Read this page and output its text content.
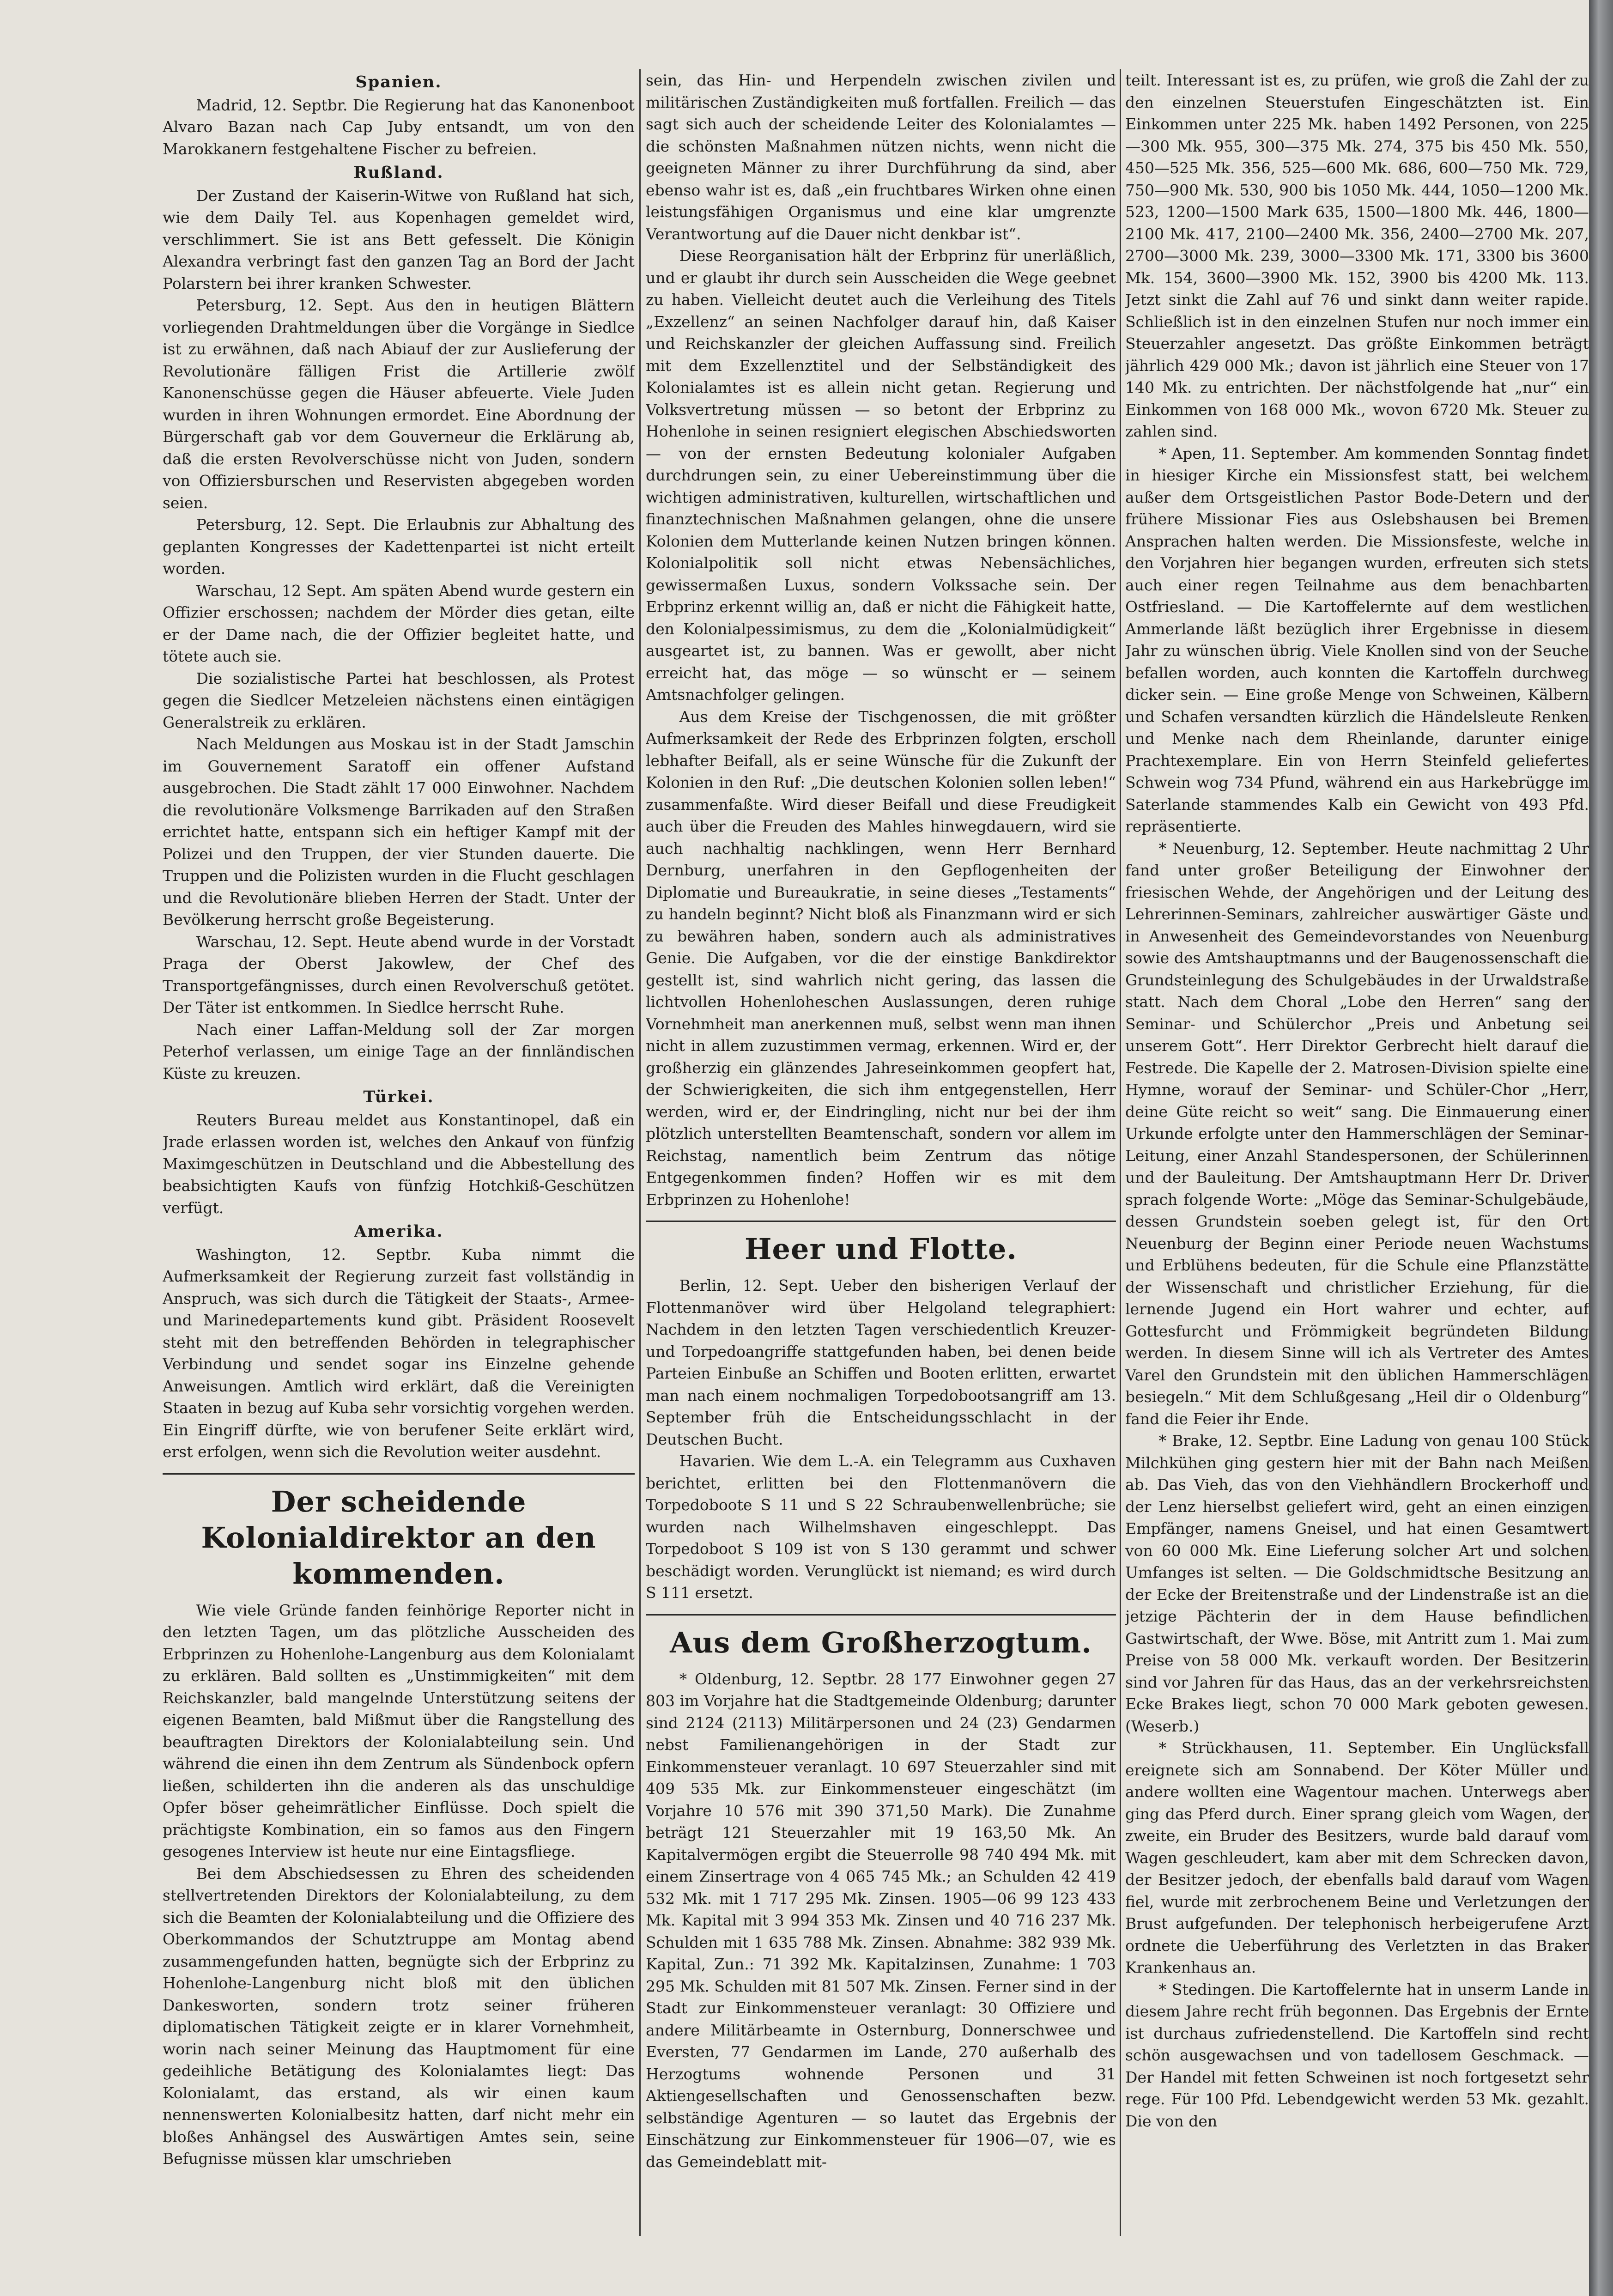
Spanien.

Madrid, 12. Septbr. Die Regierung hat das Kanonenboot Alvaro Bazan nach Cap Juby entsandt, um von den Marokkanern festgehaltene Fischer zu befreien.

Rußland.

Der Zustand der Kaiserin-Witwe von Rußland hat sich, wie dem Daily Tel. aus Kopenhagen gemeldet wird, verschlimmert. Sie ist ans Bett gefesselt. Die Königin Alexandra verbringt fast den ganzen Tag an Bord der Jacht Polarstern bei ihrer kranken Schwester.

Petersburg, 12. Sept. Aus den in heutigen Blättern vorliegenden Drahtmeldungen über die Vorgänge in Siedlce ist zu erwähnen, daß nach Abiauf der zur Auslieferung der Revolutionäre fälligen Frist die Artillerie zwölf Kanonenschüsse gegen die Häuser abfeuerte. Viele Juden wurden in ihren Wohnungen ermordet. Eine Abordnung der Bürgerschaft gab vor dem Gouverneur die Erklärung ab, daß die ersten Revolverschüsse nicht von Juden, sondern von Offiziersburschen und Reservisten abgegeben worden seien.

Petersburg, 12. Sept. Die Erlaubnis zur Abhaltung des geplanten Kongresses der Kadettenpartei ist nicht erteilt worden.

Warschau, 12 Sept. Am späten Abend wurde gestern ein Offizier erschossen; nachdem der Mörder dies getan, eilte er der Dame nach, die der Offizier begleitet hatte, und tötete auch sie.

Die sozialistische Partei hat beschlossen, als Protest gegen die Siedlcer Metzeleien nächstens einen eintägigen Generalstreik zu erklären.

Nach Meldungen aus Moskau ist in der Stadt Jamschin im Gouvernement Saratoff ein offener Aufstand ausgebrochen. Die Stadt zählt 17 000 Einwohner. Nachdem die revolutionäre Volksmenge Barrikaden auf den Straßen errichtet hatte, entspann sich ein heftiger Kampf mit der Polizei und den Truppen, der vier Stunden dauerte. Die Truppen und die Polizisten wurden in die Flucht geschlagen und die Revolutionäre blieben Herren der Stadt. Unter der Bevölkerung herrscht große Begeisterung.

Warschau, 12. Sept. Heute abend wurde in der Vorstadt Praga der Oberst Jakowlew, der Chef des Transportgefängnisses, durch einen Revolverschuß getötet. Der Täter ist entkommen. In Siedlce herrscht Ruhe.

Nach einer Laffan-Meldung soll der Zar morgen Peterhof verlassen, um einige Tage an der finnländischen Küste zu kreuzen.

Türkei.

Reuters Bureau meldet aus Konstantinopel, daß ein Jrade erlassen worden ist, welches den Ankauf von fünfzig Maximgeschützen in Deutschland und die Abbestellung des beabsichtigten Kaufs von fünfzig Hotchkiß-Geschützen verfügt.

Amerika.

Washington, 12. Septbr. Kuba nimmt die Aufmerksamkeit der Regierung zurzeit fast vollständig in Anspruch, was sich durch die Tätigkeit der Staats-, Armee- und Marinedepartements kund gibt. Präsident Roosevelt steht mit den betreffenden Behörden in telegraphischer Verbindung und sendet sogar ins Einzelne gehende Anweisungen. Amtlich wird erklärt, daß die Vereinigten Staaten in bezug auf Kuba sehr vorsichtig vorgehen werden. Ein Eingriff dürfte, wie von berufener Seite erklärt wird, erst erfolgen, wenn sich die Revolution weiter ausdehnt.

Der scheidende Kolonialdirektor an den kommenden.

Wie viele Gründe fanden feinhörige Reporter nicht in den letzten Tagen, um das plötzliche Ausscheiden des Erbprinzen zu Hohenlohe-Langenburg aus dem Kolonialamt zu erklären. Bald sollten es „Unstimmigkeiten“ mit dem Reichskanzler, bald mangelnde Unterstützung seitens der eigenen Beamten, bald Mißmut über die Rangstellung des beauftragten Direktors der Kolonialabteilung sein. Und während die einen ihn dem Zentrum als Sündenbock opfern ließen, schilderten ihn die anderen als das unschuldige Opfer böser geheimrätlicher Einflüsse. Doch spielt die prächtigste Kombination, ein so famos aus den Fingern gesogenes Interview ist heute nur eine Eintagsfliege.

Bei dem Abschiedsessen zu Ehren des scheidenden stellvertretenden Direktors der Kolonialabteilung, zu dem sich die Beamten der Kolonialabteilung und die Offiziere des Oberkommandos der Schutztruppe am Montag abend zusammengefunden hatten, begnügte sich der Erbprinz zu Hohenlohe-Langenburg nicht bloß mit den üblichen Dankesworten, sondern trotz seiner früheren diplomatischen Tätigkeit zeigte er in klarer Vornehmheit, worin nach seiner Meinung das Hauptmoment für eine gedeihliche Betätigung des Kolonialamtes liegt: Das Kolonialamt, das erstand, als wir einen kaum nennenswerten Kolonialbesitz hatten, darf nicht mehr ein bloßes Anhängsel des Auswärtigen Amtes sein, seine Befugnisse müssen klar umschrieben

sein, das Hin- und Herpendeln zwischen zivilen und militärischen Zuständigkeiten muß fortfallen. Freilich — das sagt sich auch der scheidende Leiter des Kolonialamtes — die schönsten Maßnahmen nützen nichts, wenn nicht die geeigneten Männer zu ihrer Durchführung da sind, aber ebenso wahr ist es, daß „ein fruchtbares Wirken ohne einen leistungsfähigen Organismus und eine klar umgrenzte Verantwortung auf die Dauer nicht denkbar ist“.

Diese Reorganisation hält der Erbprinz für unerläßlich, und er glaubt ihr durch sein Ausscheiden die Wege geebnet zu haben. Vielleicht deutet auch die Verleihung des Titels „Exzellenz“ an seinen Nachfolger darauf hin, daß Kaiser und Reichskanzler der gleichen Auffassung sind. Freilich mit dem Exzellenztitel und der Selbständigkeit des Kolonialamtes ist es allein nicht getan. Regierung und Volksvertretung müssen — so betont der Erbprinz zu Hohenlohe in seinen resigniert elegischen Abschiedsworten — von der ernsten Bedeutung kolonialer Aufgaben durchdrungen sein, zu einer Uebereinstimmung über die wichtigen administrativen, kulturellen, wirtschaftlichen und finanztechnischen Maßnahmen gelangen, ohne die unsere Kolonien dem Mutterlande keinen Nutzen bringen können. Kolonialpolitik soll nicht etwas Nebensächliches, gewissermaßen Luxus, sondern Volkssache sein. Der Erbprinz erkennt willig an, daß er nicht die Fähigkeit hatte, den Kolonialpessimismus, zu dem die „Kolonialmüdigkeit“ ausgeartet ist, zu bannen. Was er gewollt, aber nicht erreicht hat, das möge — so wünscht er — seinem Amtsnachfolger gelingen.

Aus dem Kreise der Tischgenossen, die mit größter Aufmerksamkeit der Rede des Erbprinzen folgten, erscholl lebhafter Beifall, als er seine Wünsche für die Zukunft der Kolonien in den Ruf: „Die deutschen Kolonien sollen leben!“ zusammenfaßte. Wird dieser Beifall und diese Freudigkeit auch über die Freuden des Mahles hinwegdauern, wird sie auch nachhaltig nachklingen, wenn Herr Bernhard Dernburg, unerfahren in den Gepflogenheiten der Diplomatie und Bureaukratie, in seine dieses „Testaments“ zu handeln beginnt? Nicht bloß als Finanzmann wird er sich zu bewähren haben, sondern auch als administratives Genie. Die Aufgaben, vor die der einstige Bankdirektor gestellt ist, sind wahrlich nicht gering, das lassen die lichtvollen Hohenloheschen Auslassungen, deren ruhige Vornehmheit man anerkennen muß, selbst wenn man ihnen nicht in allem zuzustimmen vermag, erkennen. Wird er, der großherzig ein glänzendes Jahreseinkommen geopfert hat, der Schwierigkeiten, die sich ihm entgegenstellen, Herr werden, wird er, der Eindringling, nicht nur bei der ihm plötzlich unterstellten Beamtenschaft, sondern vor allem im Reichstag, namentlich beim Zentrum das nötige Entgegenkommen finden? Hoffen wir es mit dem Erbprinzen zu Hohenlohe!

Heer und Flotte.

Berlin, 12. Sept. Ueber den bisherigen Verlauf der Flottenmanöver wird über Helgoland telegraphiert: Nachdem in den letzten Tagen verschiedentlich Kreuzer- und Torpedoangriffe stattgefunden haben, bei denen beide Parteien Einbuße an Schiffen und Booten erlitten, erwartet man nach einem nochmaligen Torpedobootsangriff am 13. September früh die Entscheidungsschlacht in der Deutschen Bucht.

Havarien. Wie dem L.-A. ein Telegramm aus Cuxhaven berichtet, erlitten bei den Flottenmanövern die Torpedoboote S 11 und S 22 Schraubenwellenbrüche; sie wurden nach Wilhelmshaven eingeschleppt. Das Torpedoboot S 109 ist von S 130 gerammt und schwer beschädigt worden. Verunglückt ist niemand; es wird durch S 111 ersetzt.

Aus dem Großherzogtum.

* Oldenburg, 12. Septbr. 28 177 Einwohner gegen 27 803 im Vorjahre hat die Stadtgemeinde Oldenburg; darunter sind 2124 (2113) Militärpersonen und 24 (23) Gendarmen nebst Familienangehörigen in der Stadt zur Einkommensteuer veranlagt. 10 697 Steuerzahler sind mit 409 535 Mk. zur Einkommensteuer eingeschätzt (im Vorjahre 10 576 mit 390 371,50 Mark). Die Zunahme beträgt 121 Steuerzahler mit 19 163,50 Mk. An Kapitalvermögen ergibt die Steuerrolle 98 740 494 Mk. mit einem Zinsertrage von 4 065 745 Mk.; an Schulden 42 419 532 Mk. mit 1 717 295 Mk. Zinsen. 1905—06 99 123 433 Mk. Kapital mit 3 994 353 Mk. Zinsen und 40 716 237 Mk. Schulden mit 1 635 788 Mk. Zinsen. Abnahme: 382 939 Mk. Kapital, Zun.: 71 392 Mk. Kapitalzinsen, Zunahme: 1 703 295 Mk. Schulden mit 81 507 Mk. Zinsen. Ferner sind in der Stadt zur Einkommensteuer veranlagt: 30 Offiziere und andere Militärbeamte in Osternburg, Donnerschwee und Eversten, 77 Gendarmen im Lande, 270 außerhalb des Herzogtums wohnende Personen und 31 Aktiengesellschaften und Genossenschaften bezw. selbständige Agenturen — so lautet das Ergebnis der Einschätzung zur Einkommensteuer für 1906—07, wie es das Gemeindeblatt mit-

teilt. Interessant ist es, zu prüfen, wie groß die Zahl der zu den einzelnen Steuerstufen Eingeschätzten ist. Ein Einkommen unter 225 Mk. haben 1492 Personen, von 225—300 Mk. 955, 300—375 Mk. 274, 375 bis 450 Mk. 550, 450—525 Mk. 356, 525—600 Mk. 686, 600—750 Mk. 729, 750—900 Mk. 530, 900 bis 1050 Mk. 444, 1050—1200 Mk. 523, 1200—1500 Mark 635, 1500—1800 Mk. 446, 1800—2100 Mk. 417, 2100—2400 Mk. 356, 2400—2700 Mk. 207, 2700—3000 Mk. 239, 3000—3300 Mk. 171, 3300 bis 3600 Mk. 154, 3600—3900 Mk. 152, 3900 bis 4200 Mk. 113. Jetzt sinkt die Zahl auf 76 und sinkt dann weiter rapide. Schließlich ist in den einzelnen Stufen nur noch immer ein Steuerzahler angesetzt. Das größte Einkommen beträgt jährlich 429 000 Mk.; davon ist jährlich eine Steuer von 17 140 Mk. zu entrichten. Der nächstfolgende hat „nur“ ein Einkommen von 168 000 Mk., wovon 6720 Mk. Steuer zu zahlen sind.

* Apen, 11. September. Am kommenden Sonntag findet in hiesiger Kirche ein Missionsfest statt, bei welchem außer dem Ortsgeistlichen Pastor Bode-Detern und der frühere Missionar Fies aus Oslebshausen bei Bremen Ansprachen halten werden. Die Missionsfeste, welche in den Vorjahren hier begangen wurden, erfreuten sich stets auch einer regen Teilnahme aus dem benachbarten Ostfriesland. — Die Kartoffelernte auf dem westlichen Ammerlande läßt bezüglich ihrer Ergebnisse in diesem Jahr zu wünschen übrig. Viele Knollen sind von der Seuche befallen worden, auch konnten die Kartoffeln durchweg dicker sein. — Eine große Menge von Schweinen, Kälbern und Schafen versandten kürzlich die Händelsleute Renken und Menke nach dem Rheinlande, darunter einige Prachtexemplare. Ein von Herrn Steinfeld geliefertes Schwein wog 734 Pfund, während ein aus Harkebrügge im Saterlande stammendes Kalb ein Gewicht von 493 Pfd. repräsentierte.

* Neuenburg, 12. September. Heute nachmittag 2 Uhr fand unter großer Beteiligung der Einwohner der friesischen Wehde, der Angehörigen und der Leitung des Lehrerinnen-Seminars, zahlreicher auswärtiger Gäste und in Anwesenheit des Gemeindevorstandes von Neuenburg sowie des Amtshauptmanns und der Baugenossenschaft die Grundsteinlegung des Schulgebäudes in der Urwaldstraße statt. Nach dem Choral „Lobe den Herren“ sang der Seminar- und Schülerchor „Preis und Anbetung sei unserem Gott“. Herr Direktor Gerbrecht hielt darauf die Festrede. Die Kapelle der 2. Matrosen-Division spielte eine Hymne, worauf der Seminar- und Schüler-Chor „Herr, deine Güte reicht so weit“ sang. Die Einmauerung einer Urkunde erfolgte unter den Hammerschlägen der Seminar-Leitung, einer Anzahl Standespersonen, der Schülerinnen und der Bauleitung. Der Amtshauptmann Herr Dr. Driver sprach folgende Worte: „Möge das Seminar-Schulgebäude, dessen Grundstein soeben gelegt ist, für den Ort Neuenburg der Beginn einer Periode neuen Wachstums und Erblühens bedeuten, für die Schule eine Pflanzstätte der Wissenschaft und christlicher Erziehung, für die lernende Jugend ein Hort wahrer und echter, auf Gottesfurcht und Frömmigkeit begründeten Bildung werden. In diesem Sinne will ich als Vertreter des Amtes Varel den Grundstein mit den üblichen Hammerschlägen besiegeln.“ Mit dem Schlußgesang „Heil dir o Oldenburg“ fand die Feier ihr Ende.

* Brake, 12. Septbr. Eine Ladung von genau 100 Stück Milchkühen ging gestern hier mit der Bahn nach Meißen ab. Das Vieh, das von den Viehhändlern Brockerhoff und der Lenz hierselbst geliefert wird, geht an einen einzigen Empfänger, namens Gneisel, und hat einen Gesamtwert von 60 000 Mk. Eine Lieferung solcher Art und solchen Umfanges ist selten. — Die Goldschmidtsche Besitzung an der Ecke der Breitenstraße und der Lindenstraße ist an die jetzige Pächterin der in dem Hause befindlichen Gastwirtschaft, der Wwe. Böse, mit Antritt zum 1. Mai zum Preise von 58 000 Mk. verkauft worden. Der Besitzerin sind vor Jahren für das Haus, das an der verkehrsreichsten Ecke Brakes liegt, schon 70 000 Mark geboten gewesen. (Weserb.)

* Strückhausen, 11. September. Ein Unglücksfall ereignete sich am Sonnabend. Der Köter Müller und andere wollten eine Wagentour machen. Unterwegs aber ging das Pferd durch. Einer sprang gleich vom Wagen, der zweite, ein Bruder des Besitzers, wurde bald darauf vom Wagen geschleudert, kam aber mit dem Schrecken davon, der Besitzer jedoch, der ebenfalls bald darauf vom Wagen fiel, wurde mit zerbrochenem Beine und Verletzungen der Brust aufgefunden. Der telephonisch herbeigerufene Arzt ordnete die Ueberführung des Verletzten in das Braker Krankenhaus an.

* Stedingen. Die Kartoffelernte hat in unserm Lande in diesem Jahre recht früh begonnen. Das Ergebnis der Ernte ist durchaus zufriedenstellend. Die Kartoffeln sind recht schön ausgewachsen und von tadellosem Geschmack. — Der Handel mit fetten Schweinen ist noch fortgesetzt sehr rege. Für 100 Pfd. Lebendgewicht werden 53 Mk. gezahlt. Die von den
